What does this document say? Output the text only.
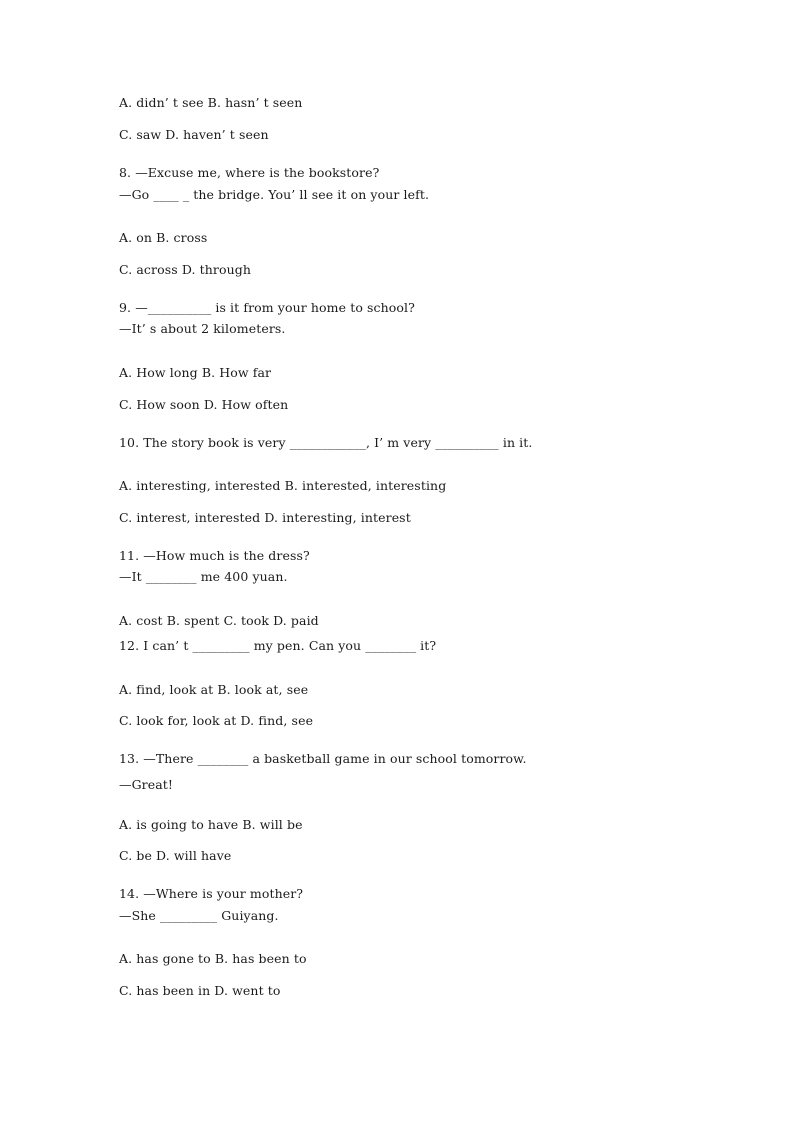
A. didn’ t see B. hasn’ t seen
C. saw D. haven’ t seen
8. —Excuse me, where is the bookstore?
—Go ____ _ the bridge. You’ ll see it on your left.
A. on B. cross
C. across D. through
9. —__________ is it from your home to school?
—It’ s about 2 kilometers.
A. How long B. How far
C. How soon D. How often
10. The story book is very ____________, I’ m very __________ in it.
A. interesting, interested B. interested, interesting
C. interest, interested D. interesting, interest
11. —How much is the dress?
—It ________ me 400 yuan.
A. cost B. spent C. took D. paid
12. I can’ t _________ my pen. Can you ________ it?
A. find, look at B. look at, see
C. look for, look at D. find, see
13. —There ________ a basketball game in our school tomorrow.
—Great!
A. is going to have B. will be
C. be D. will have
14. —Where is your mother?
—She _________ Guiyang.
A. has gone to B. has been to
C. has been in D. went to
